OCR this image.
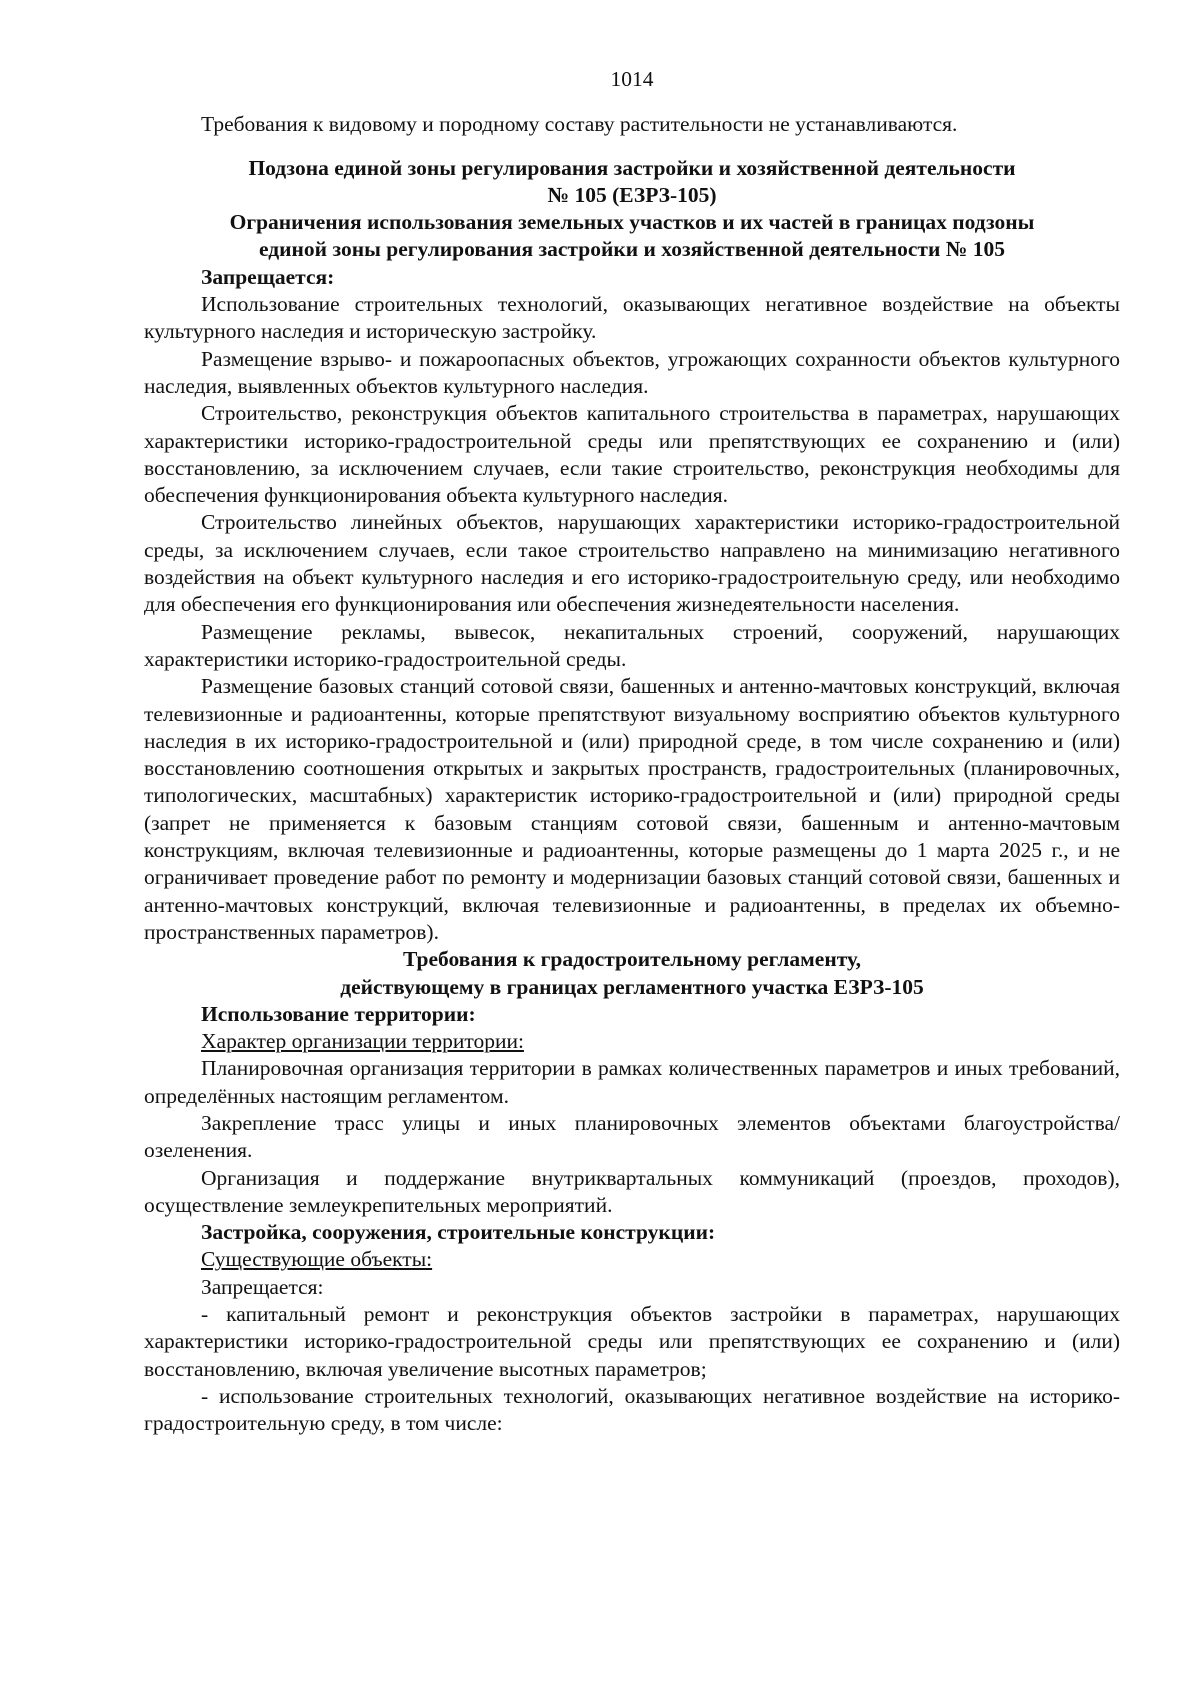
1014

Требования к видовому и породному составу растительности не устанавливаются.

Подзона единой зоны регулирования застройки и хозяйственной деятельности

№ 105 (ЕЗРЗ-105)

Ограничения использования земельных участков и их частей в границах подзоны

единой зоны регулирования застройки и хозяйственной деятельности № 105

Запрещается:

Использование строительных технологий, оказывающих негативное воздействие на объекты культурного наследия и историческую застройку.

Размещение взрыво- и пожароопасных объектов, угрожающих сохранности объектов культурного наследия, выявленных объектов культурного наследия.

Строительство, реконструкция объектов капитального строительства в параметрах, нарушающих характеристики историко-градостроительной среды или препятствующих ее сохранению и (или) восстановлению, за исключением случаев, если такие строительство, реконструкция необходимы для обеспечения функционирования объекта культурного наследия.

Строительство линейных объектов, нарушающих характеристики историко-градостроительной среды, за исключением случаев, если такое строительство направлено на минимизацию негативного воздействия на объект культурного наследия и его историко-градостроительную среду, или необходимо для обеспечения его функционирования или обеспечения жизнедеятельности населения.

Размещение рекламы, вывесок, некапитальных строений, сооружений, нарушающих характеристики историко-градостроительной среды.

Размещение базовых станций сотовой связи, башенных и антенно-мачтовых конструкций, включая телевизионные и радиоантенны, которые препятствуют визуальному восприятию объектов культурного наследия в их историко-градостроительной и (или) природной среде, в том числе сохранению и (или) восстановлению соотношения открытых и закрытых пространств, градостроительных (планировочных, типологических, масштабных) характеристик историко-градостроительной и (или) природной среды (запрет не применяется к базовым станциям сотовой связи, башенным и антенно-мачтовым конструкциям, включая телевизионные и радиоантенны, которые размещены до 1 марта 2025 г., и не ограничивает проведение работ по ремонту и модернизации базовых станций сотовой связи, башенных и антенно-мачтовых конструкций, включая телевизионные и радиоантенны, в пределах их объемно-пространственных параметров).

Требования к градостроительному регламенту,

действующему в границах регламентного участка ЕЗРЗ-105

Использование территории:

Характер организации территории:

Планировочная организация территории в рамках количественных параметров и иных требований, определённых настоящим регламентом.

Закрепление трасс улицы и иных планировочных элементов объектами благоустройства/озеленения.

Организация и поддержание внутриквартальных коммуникаций (проездов, проходов), осуществление землеукрепительных мероприятий.

Застройка, сооружения, строительные конструкции:

Существующие объекты:

Запрещается:

- капитальный ремонт и реконструкция объектов застройки в параметрах, нарушающих характеристики историко-градостроительной среды или препятствующих ее сохранению и (или) восстановлению, включая увеличение высотных параметров;

- использование строительных технологий, оказывающих негативное воздействие на историко-градостроительную среду, в том числе:
